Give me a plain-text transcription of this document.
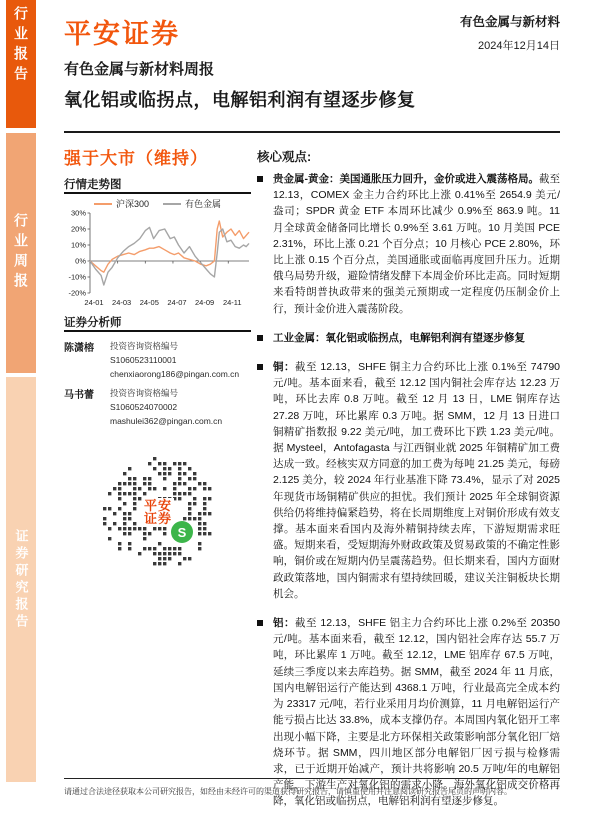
行业报告
行业周报
证券研究报告
平安证券	有色金属与新材料
2024年12月14日
有色金属与新材料周报
氧化铝或临拐点，电解铝利润有望逐步修复
强于大市（维持）
行情走势图
沪深300	有色金属
30%
20%
10%
0%
-10%
-20%
24-01 24-03 24-05 24-07 24-09 24-11
证券分析师
陈潇榕	投资咨询资格编号
S1060523110001
chenxiaorong186@pingan.com.cn
马书蕾	投资咨询资格编号
S1060524070002
mashulei362@pingan.com.cn
平安
证券
S
核心观点:
贵金属-黄金：美国通胀压力回升，金价或进入震荡格局。截至 12.13，COMEX 金主力合约环比上涨 0.41%至 2654.9 美元/盎司；SPDR 黄金 ETF 本周环比减少 0.9%至 863.9 吨。11 月全球黄金储备同比增长 0.9%至 3.61 万吨。10 月美国 PCE 2.31%，环比上涨 0.21 个百分点；10 月核心 PCE 2.80%，环比上涨 0.15 个百分点，美国通胀或面临再度回升压力。近期俄乌局势升级，避险情绪发酵下本周金价环比走高。同时短期来看特朗普执政带来的强美元预期或一定程度仍压制金价上行，预计金价进入震荡阶段。
工业金属：氧化铝或临拐点，电解铝利润有望逐步修复
铜：截至 12.13，SHFE 铜主力合约环比上涨 0.1%至 74790 元/吨。基本面来看，截至 12.12 国内铜社会库存达 12.23 万吨，环比去库 0.8 万吨。截至 12 月 13 日，LME 铜库存达 27.28 万吨，环比累库 0.3 万吨。据 SMM，12 月 13 日进口铜精矿指数报 9.22 美元/吨，加工费环比下跌 1.23 美元/吨。据 Mysteel，Antofagasta 与江西铜业就 2025 年铜精矿加工费达成一致。经核实双方同意的加工费为每吨 21.25 美元，每磅 2.125 美分，较 2024 年行业基准下降 73.4%，显示了对 2025 年现货市场铜精矿供应的担忧。我们预计 2025 年全球铜资源供给仍将维持偏紧趋势，将在长周期维度上对铜价形成有效支撑。基本面来看国内及海外精铜持续去库，下游短期需求旺盛。短期来看，受短期海外财政政策及贸易政策的不确定性影响，铜价或在短期内仍呈震荡趋势。但长期来看，国内方面财政政策落地，国内铜需求有望持续回暖，建议关注铜板块长期机会。
铝：截至 12.13，SHFE 铝主力合约环比上涨 0.2%至 20350 元/吨。基本面来看，截至 12.12，国内铝社会库存达 55.7 万吨，环比累库 1 万吨。截至 12.12，LME 铝库存 67.5 万吨，延续三季度以来去库趋势。据 SMM，截至 2024 年 11 月底，国内电解铝运行产能达到 4368.1 万吨，行业最高完全成本约为 23317 元/吨，若行业采用月均价测算，11 月电解铝运行产能亏损占比达 33.8%，成本支撑仍存。本周国内氧化铝开工率出现小幅下降，主要是北方环保相关政策影响部分氧化铝厂焙烧环节。据 SMM，四川地区部分电解铝厂因亏损与检修需求，已于近期开始减产，预计共将影响 20.5 万吨/年的电解铝产能，下游生产对氧化铝的需求小降。海外氧化铝成交价格再降，氧化铝或临拐点，电解铝利润有望逐步修复。
请通过合法途径获取本公司研究报告，如经由未经许可的渠道获得研究报告，请慎重使用并注意阅读研究报告尾页的声明内容。
